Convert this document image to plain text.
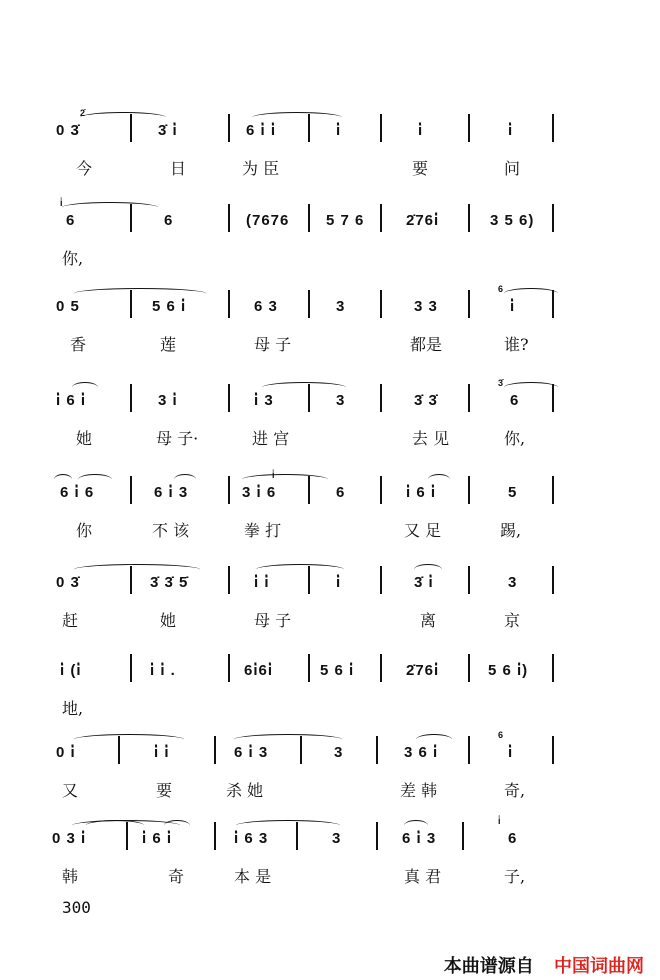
2̇
0 3̇	3̇ i̇	6 i̇ i̇	i̇	i̇	i̇
今	日	为 臣	要	问
i̇
6	6	(7676 5 7 6	2̇76i̇	3 5 6)
你,
0 5	5 6 i̇	6 3	3	3 3
6
i̇
香	莲	母 子	都是	谁?
i̇ 6 i̇	3 i̇	i̇ 3	3	3̇ 3̇
3̇
6
她	母 子·	进 宫	去 见	你,
i̇
6 i̇ 6	6 i̇ 3	3 i̇ 6	6	i̇ 6 i̇	5
你	不 该	拳 打	又 足	踢,
0 3̇	3̇ 3̇ 5̇	i̇ i̇	i̇	3̇ i̇	3
赶	她	母 子	离	京
i̇ (i̇	i̇ i̇ .	6i̇6i̇	5 6 i̇	2̇76i̇	5 6 i̇)
地,
0 i̇	i̇ i̇	6 i̇ 3	3	3 6 i̇
6
i̇
又	要	杀 她	差 韩	奇,
0 3 i̇	i̇ 6 i̇	i̇ 6 3	3	6 i̇ 3
i̇
6
韩	奇	本 是	真 君	子,
300
本曲谱源自 中国词曲网
